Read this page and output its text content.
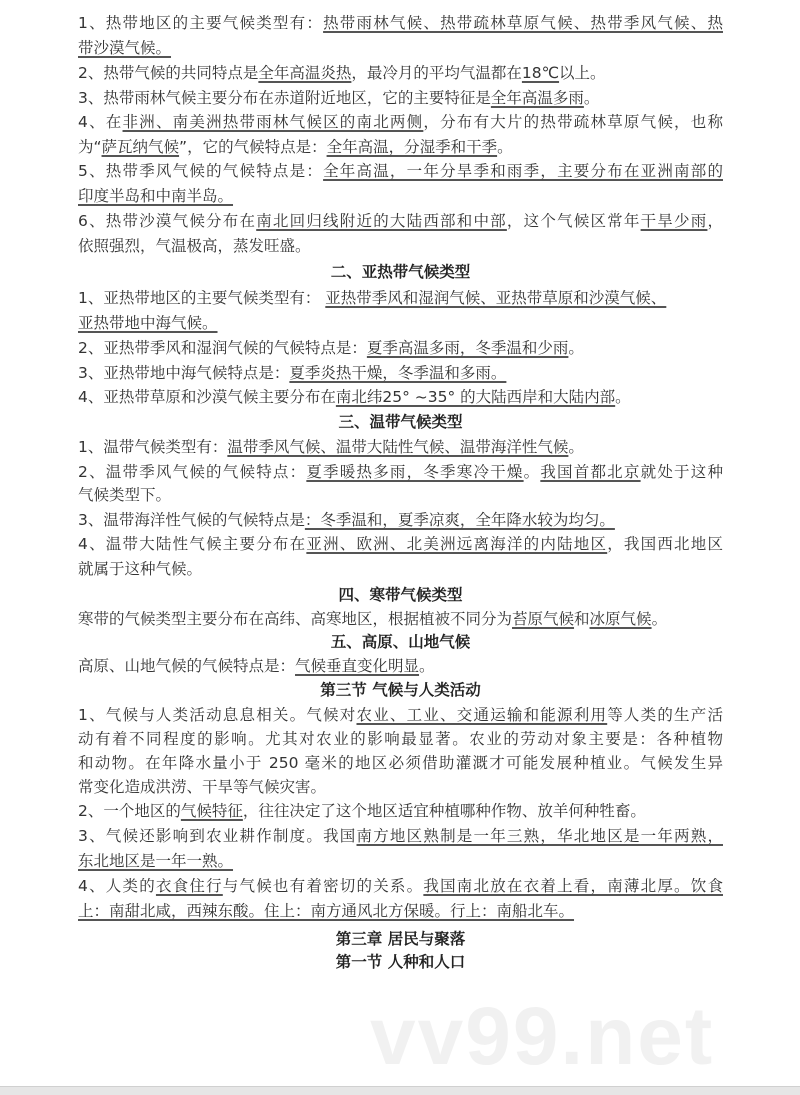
1、热带地区的主要气候类型有：热带雨林气候、热带疏林草原气候、热带季风气候、热
带沙漠气候。
2、热带气候的共同特点是全年高温炎热，最冷月的平均气温都在18℃以上。
3、热带雨林气候主要分布在赤道附近地区，它的主要特征是全年高温多雨。
4、在非洲、南美洲热带雨林气候区的南北两侧，分布有大片的热带疏林草原气候，也称
为“萨瓦纳气候”，它的气候特点是：全年高温，分湿季和干季。
5、热带季风气候的气候特点是：全年高温，一年分旱季和雨季，主要分布在亚洲南部的
印度半岛和中南半岛。
6、热带沙漠气候分布在南北回归线附近的大陆西部和中部，这个气候区常年干旱少雨，
依照强烈，气温极高，蒸发旺盛。
二、亚热带气候类型
1、亚热带地区的主要气候类型有： 亚热带季风和湿润气候、亚热带草原和沙漠气候、
亚热带地中海气候。
2、亚热带季风和湿润气候的气候特点是：夏季高温多雨，冬季温和少雨。
3、亚热带地中海气候特点是：夏季炎热干燥，冬季温和多雨。
4、亚热带草原和沙漠气候主要分布在南北纬25° ~35° 的大陆西岸和大陆内部。
三、温带气候类型
1、温带气候类型有：温带季风气候、温带大陆性气候、温带海洋性气候。
2、温带季风气候的气候特点：夏季暖热多雨，冬季寒冷干燥。我国首都北京就处于这种
气候类型下。
3、温带海洋性气候的气候特点是：冬季温和，夏季凉爽，全年降水较为均匀。
4、温带大陆性气候主要分布在亚洲、欧洲、北美洲远离海洋的内陆地区，我国西北地区
就属于这种气候。
四、寒带气候类型
寒带的气候类型主要分布在高纬、高寒地区，根据植被不同分为苔原气候和冰原气候。
五、高原、山地气候
高原、山地气候的气候特点是：气候垂直变化明显。
第三节 气候与人类活动
1、气候与人类活动息息相关。气候对农业、工业、交通运输和能源利用等人类的生产活
动有着不同程度的影响。尤其对农业的影响最显著。农业的劳动对象主要是：各种植物
和动物。在年降水量小于 250 毫米的地区必须借助灌溉才可能发展种植业。气候发生异
常变化造成洪涝、干旱等气候灾害。
2、一个地区的气候特征，往往决定了这个地区适宜种植哪种作物、放羊何种牲畜。
3、气候还影响到农业耕作制度。我国南方地区熟制是一年三熟，华北地区是一年两熟，
东北地区是一年一熟。
4、人类的衣食住行与气候也有着密切的关系。我国南北放在衣着上看，南薄北厚。饮食
上：南甜北咸，西辣东酸。住上：南方通风北方保暖。行上：南船北车。
第三章 居民与聚落
第一节 人种和人口
vv99.net
